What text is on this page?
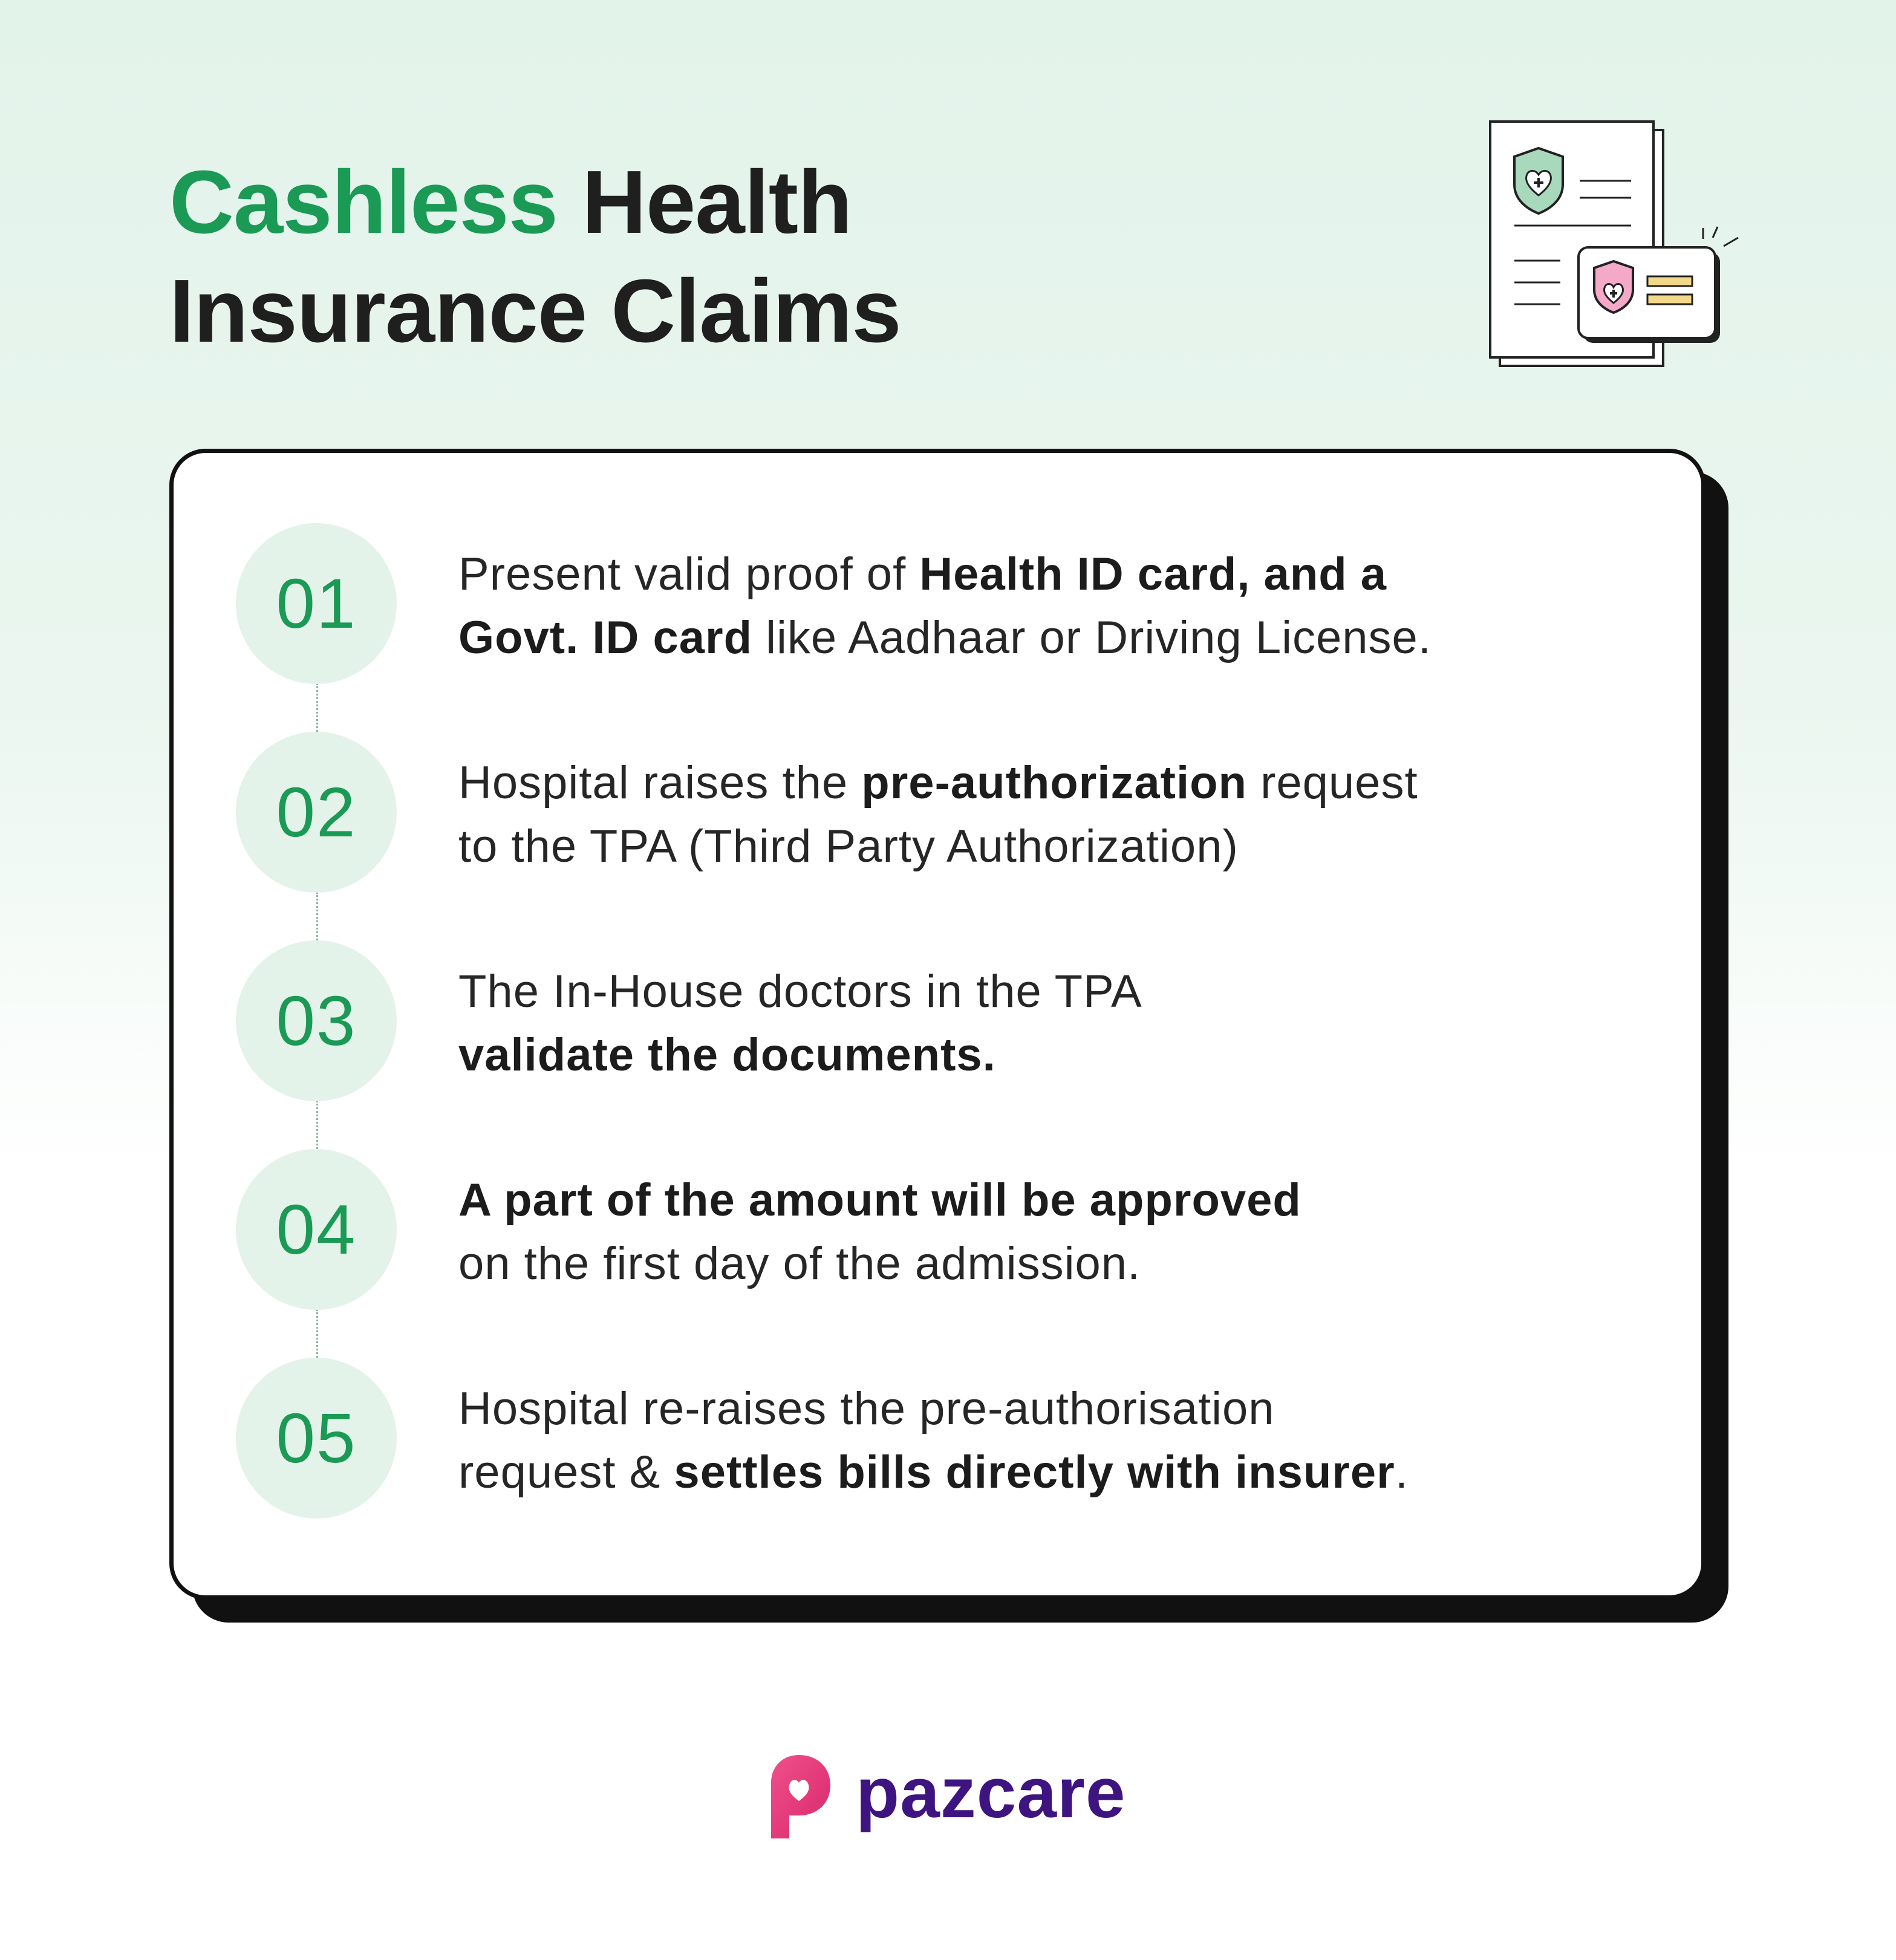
Cashless Health
Insurance Claims
01	Present valid proof of Health ID card, and a
Govt. ID card like Aadhaar or Driving License.
02	Hospital raises the pre-authorization request
to the TPA (Third Party Authorization)
03	The In-House doctors in the TPA
validate the documents.
04	A part of the amount will be approved
on the first day of the admission.
05	Hospital re-raises the pre-authorisation
request & settles bills directly with insurer.
pazcare
